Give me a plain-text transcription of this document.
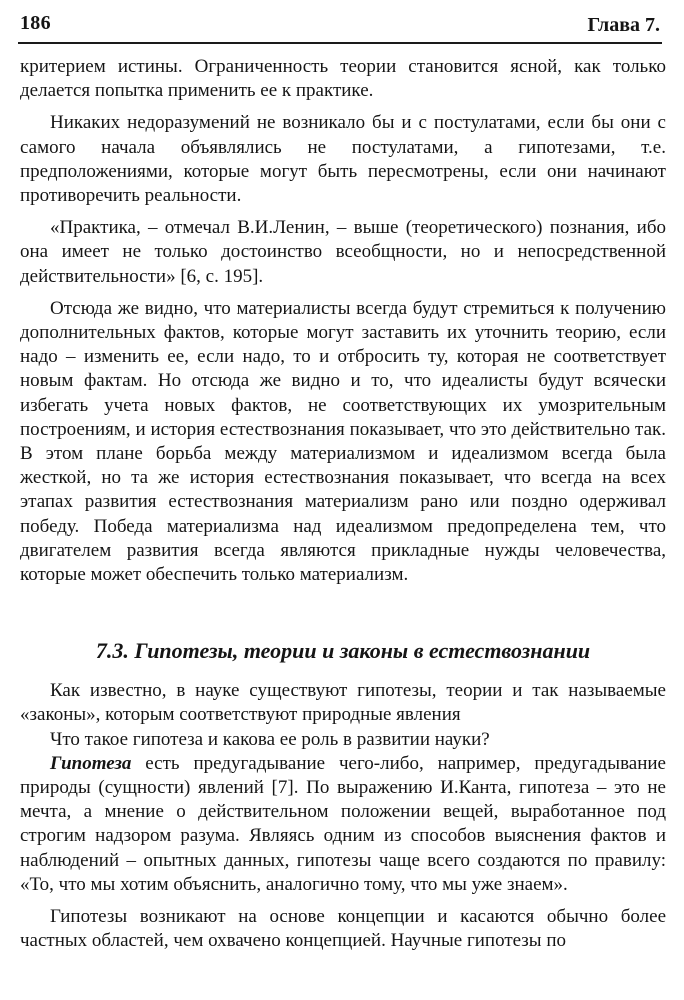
186	Глава 7.

критерием истины. Ограниченность теории становится ясной, как только делается попытка применить ее к практике.

Никаких недоразумений не возникало бы и с постулатами, если бы они с самого начала объявлялись не постулатами, а гипотезами, т.е. предположениями, которые могут быть пересмотрены, если они начинают противоречить реальности.

«Практика, – отмечал В.И.Ленин, – выше (теоретического) познания, ибо она имеет не только достоинство всеобщности, но и непосредственной действительности» [6, с. 195].

Отсюда же видно, что материалисты всегда будут стремиться к получению дополнительных фактов, которые могут заставить их уточнить теорию, если надо – изменить ее, если надо, то и отбросить ту, которая не соответствует новым фактам. Но отсюда же видно и то, что идеалисты будут всячески избегать учета новых фактов, не соответствующих их умозрительным построениям, и история естествознания показывает, что это действительно так. В этом плане борьба между материализмом и идеализмом всегда была жесткой, но та же история естествознания показывает, что всегда на всех этапах развития естествознания материализм рано или поздно одерживал победу. Победа материализма над идеализмом предопределена тем, что двигателем развития всегда являются прикладные нужды человечества, которые может обеспечить только материализм.

7.3. Гипотезы, теории и законы в естествознании

Как известно, в науке существуют гипотезы, теории и так называемые «законы», которым соответствуют природные явления

Что такое гипотеза и какова ее роль в развитии науки?

Гипотеза есть предугадывание чего-либо, например, предугадывание природы (сущности) явлений [7]. По выражению И.Канта, гипотеза – это не мечта, а мнение о действительном положении вещей, выработанное под строгим надзором разума. Являясь одним из способов выяснения фактов и наблюдений – опытных данных, гипотезы чаще всего создаются по правилу: «То, что мы хотим объяснить, аналогично тому, что мы уже знаем».

Гипотезы возникают на основе концепции и касаются обычно более частных областей, чем охвачено концепцией. Научные гипотезы по
